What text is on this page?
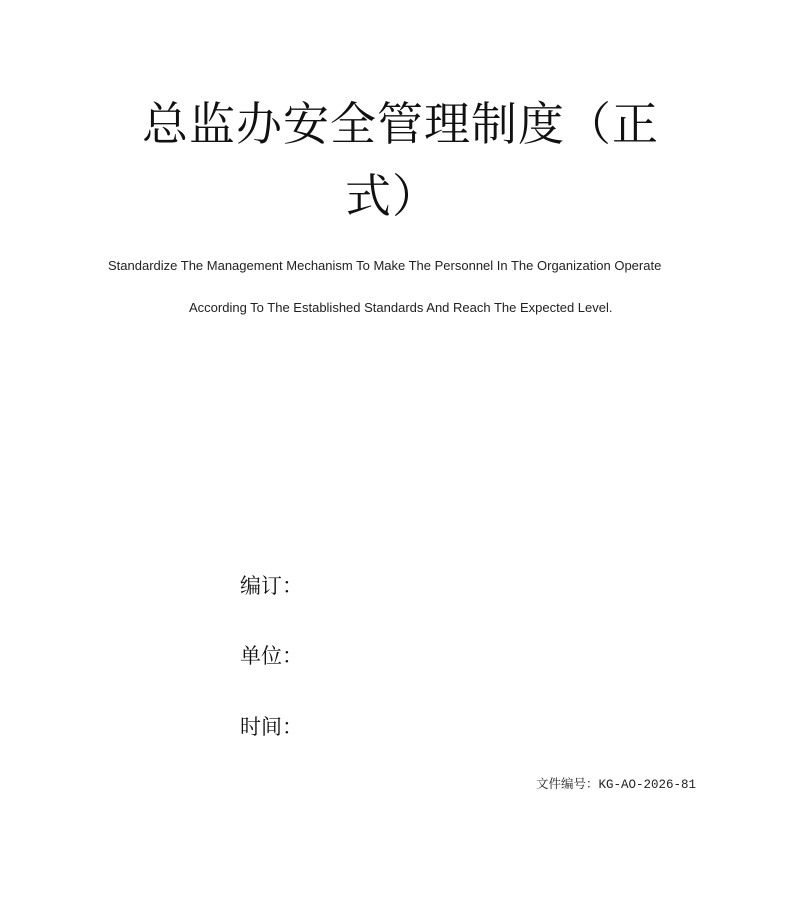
总监办安全管理制度（正
式）
Standardize The Management Mechanism To Make The Personnel In The Organization Operate
According To The Established Standards And Reach The Expected Level.
编订：
单位：
时间：
文件编号：KG-AO-2026-81
